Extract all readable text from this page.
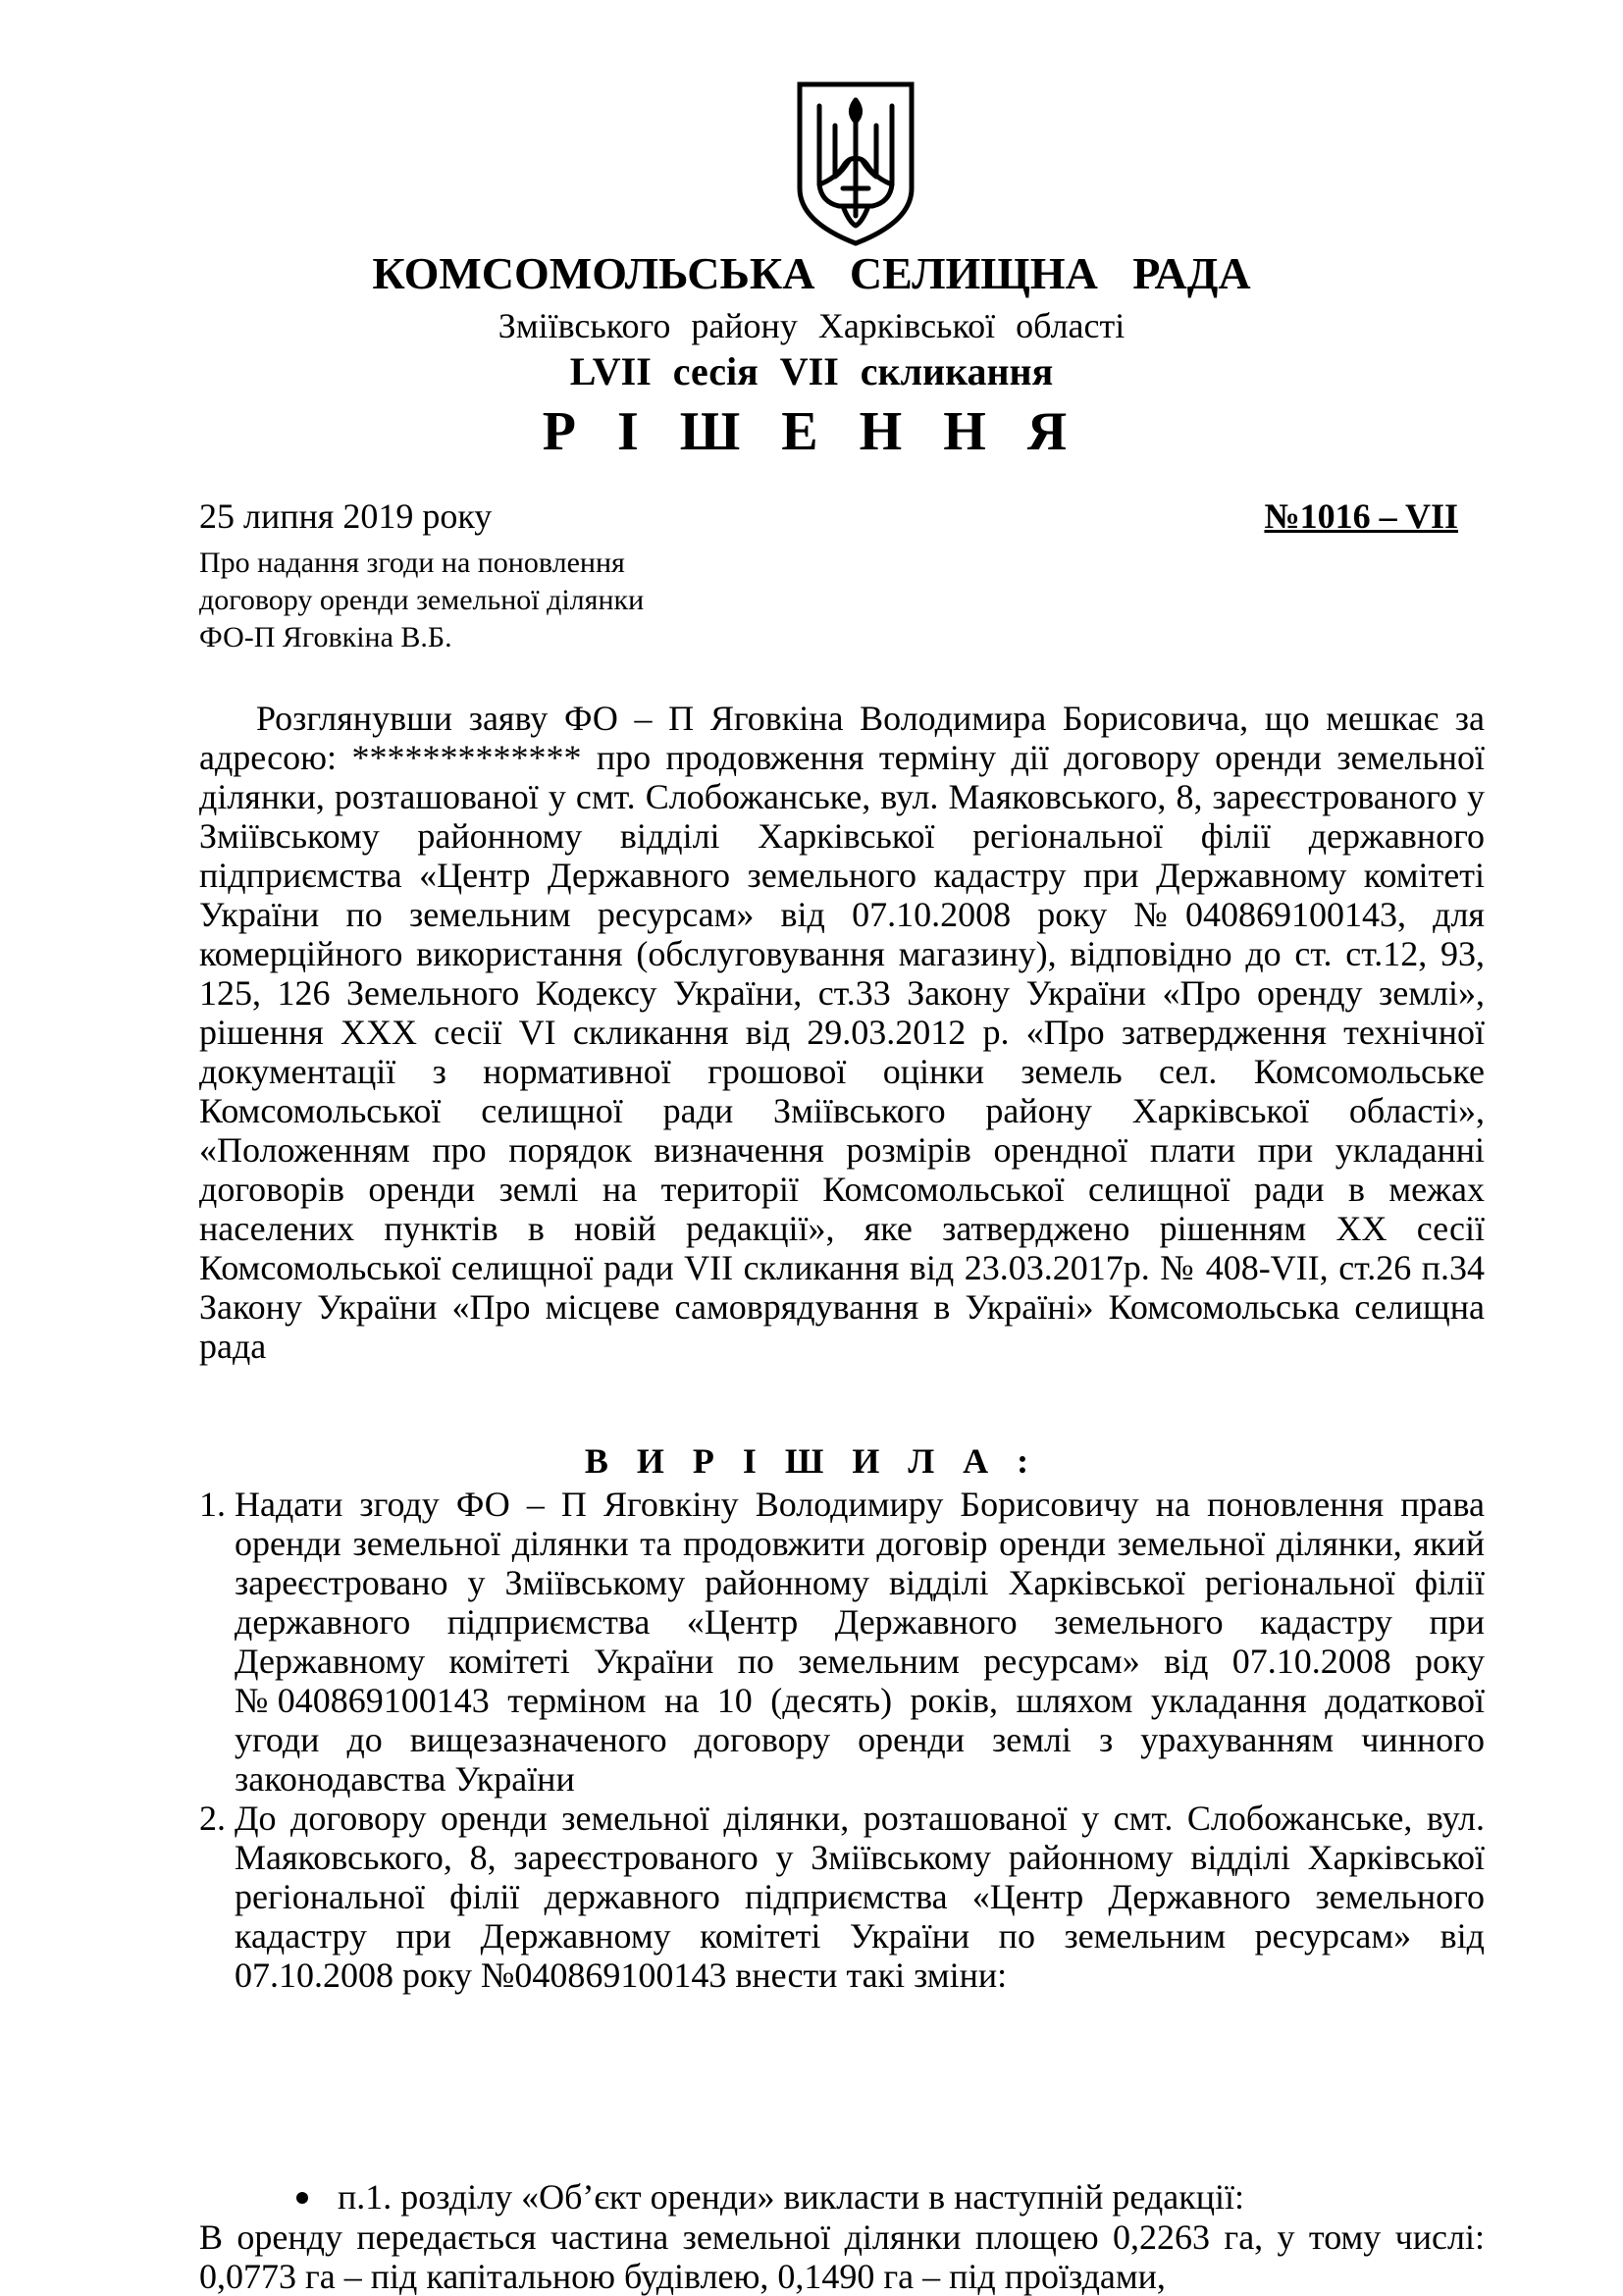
КОМСОМОЛЬСЬКА СЕЛИЩНА РАДА
Зміївського району Харківської області
LVII сесія VII скликання
Р І Ш Е Н Н Я
25 липня 2019 року	№1016 – VII
Про надання згоди на поновлення
договору оренди земельної ділянки
ФО-П Яговкіна В.Б.

Розглянувши заяву ФО – П Яговкіна Володимира Борисовича, що мешкає за адресою: ************* про продовження терміну дії договору оренди земельної ділянки, розташованої у смт. Слобожанське, вул. Маяковського, 8, зареєстрованого у Зміївському районному відділі Харківської регіональної філії державного підприємства «Центр Державного земельного кадастру при Державному комітеті України по земельним ресурсам» від 07.10.2008 року №040869100143, для комерційного використання (обслуговування магазину), відповідно до ст. ст.12, 93, 125, 126 Земельного Кодексу України, ст.33 Закону України «Про оренду землі», рішення XXX сесії VI скликання від 29.03.2012 р. «Про затвердження технічної документації з нормативної грошової оцінки земель сел. Комсомольське Комсомольської селищної ради Зміївського району Харківської області», «Положенням про порядок визначення розмірів орендної плати при укладанні договорів оренди землі на території Комсомольської селищної ради в межах населених пунктів в новій редакції», яке затверджено рішенням XX сесії Комсомольської селищної ради VII скликання від 23.03.2017р. № 408-VII, ст.26 п.34 Закону України «Про місцеве самоврядування в Україні» Комсомольська селищна рада

В И Р І Ш И Л А :
1. Надати згоду ФО – П Яговкіну Володимиру Борисовичу на поновлення права оренди земельної ділянки та продовжити договір оренди земельної ділянки, який зареєстровано у Зміївському районному відділі Харківської регіональної філії державного підприємства «Центр Державного земельного кадастру при Державному комітеті України по земельним ресурсам» від 07.10.2008 року №040869100143 терміном на 10 (десять) років, шляхом укладання додаткової угоди до вищезазначеного договору оренди землі з урахуванням чинного законодавства України
2. До договору оренди земельної ділянки, розташованої у смт. Слобожанське, вул. Маяковського, 8, зареєстрованого у Зміївському районному відділі Харківської регіональної філії державного підприємства «Центр Державного земельного кадастру при Державному комітеті України по земельним ресурсам» від 07.10.2008 року №040869100143 внести такі зміни:
п.1. розділу «Об’єкт оренди» викласти в наступній редакції:

В оренду передається частина земельної ділянки площею 0,2263 га, у тому числі: 0,0773 га – під капітальною будівлею, 0,1490 га – під проїздами,
